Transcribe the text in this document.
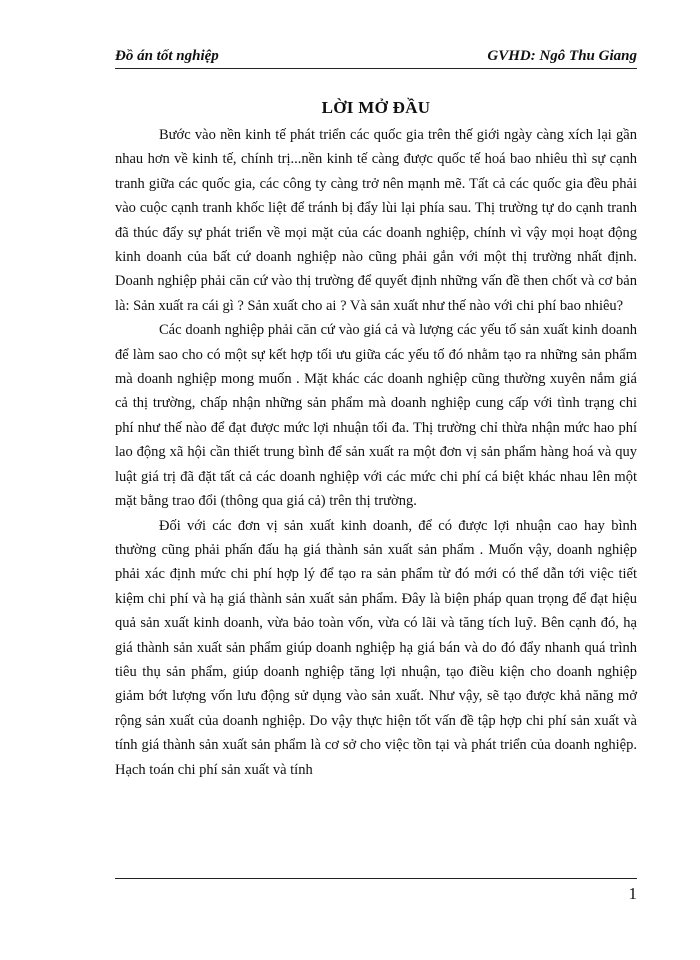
Đồ án tốt nghiệp	GVHD: Ngô Thu Giang
LỜI MỞ ĐẦU

Bước vào nền kinh tế phát triển các quốc gia trên thế giới ngày càng xích lại gần nhau hơn về kinh tế, chính trị...nền kinh tế càng được quốc tế hoá bao nhiêu thì sự cạnh tranh giữa các quốc gia, các công ty càng trở nên mạnh mẽ. Tất cả các quốc gia đều phải vào cuộc cạnh tranh khốc liệt để tránh bị đẩy lùi lại phía sau. Thị trường tự do cạnh tranh đã thúc đẩy sự phát triển về mọi mặt của các doanh nghiệp, chính vì vậy mọi hoạt động kinh doanh của bất cứ doanh nghiệp nào cũng phải gắn với một thị trường nhất định. Doanh nghiệp phải căn cứ vào thị trường để quyết định những vấn đề then chốt và cơ bản là: Sản xuất ra cái gì ? Sản xuất cho ai ? Và sản xuất như thế nào với chi phí bao nhiêu?

Các doanh nghiệp phải căn cứ vào giá cả và lượng các yếu tố sản xuất kinh doanh để làm sao cho có một sự kết hợp tối ưu giữa các yếu tố đó nhằm tạo ra những sản phẩm mà doanh nghiệp mong muốn . Mặt khác các doanh nghiệp cũng thường xuyên nắm giá cả thị trường, chấp nhận những sản phẩm mà doanh nghiệp cung cấp với tình trạng chi phí như thế nào để đạt được mức lợi nhuận tối đa. Thị trường chỉ thừa nhận mức hao phí lao động xã hội cần thiết trung bình để sản xuất ra một đơn vị sản phẩm hàng hoá và quy luật giá trị đã đặt tất cả các doanh nghiệp với các mức chi phí cá biệt khác nhau lên một mặt bằng trao đổi (thông qua giá cả) trên thị trường.

Đối với các đơn vị sản xuất kinh doanh, để có được lợi nhuận cao hay bình thường cũng phải phấn đấu hạ giá thành sản xuất sản phẩm . Muốn vậy, doanh nghiệp phải xác định mức chi phí hợp lý để tạo ra sản phẩm từ đó mới có thể dẫn tới việc tiết kiệm chi phí và hạ giá thành sản xuất sản phẩm. Đây là biện pháp quan trọng để đạt hiệu quả sản xuất kinh doanh, vừa bảo toàn vốn, vừa có lãi và tăng tích luỹ. Bên cạnh đó, hạ giá thành sản xuất sản phẩm giúp doanh nghiệp hạ giá bán và do đó đẩy nhanh quá trình tiêu thụ sản phẩm, giúp doanh nghiệp tăng lợi nhuận, tạo điều kiện cho doanh nghiệp giảm bớt lượng vốn lưu động sử dụng vào sản xuất. Như vậy, sẽ tạo được khả năng mở rộng sản xuất của doanh nghiệp. Do vậy thực hiện tốt vấn đề tập hợp chi phí sản xuất và tính giá thành sản xuất sản phẩm là cơ sở cho việc tồn tại và phát triển của doanh nghiệp. Hạch toán chi phí sản xuất và tính

1
